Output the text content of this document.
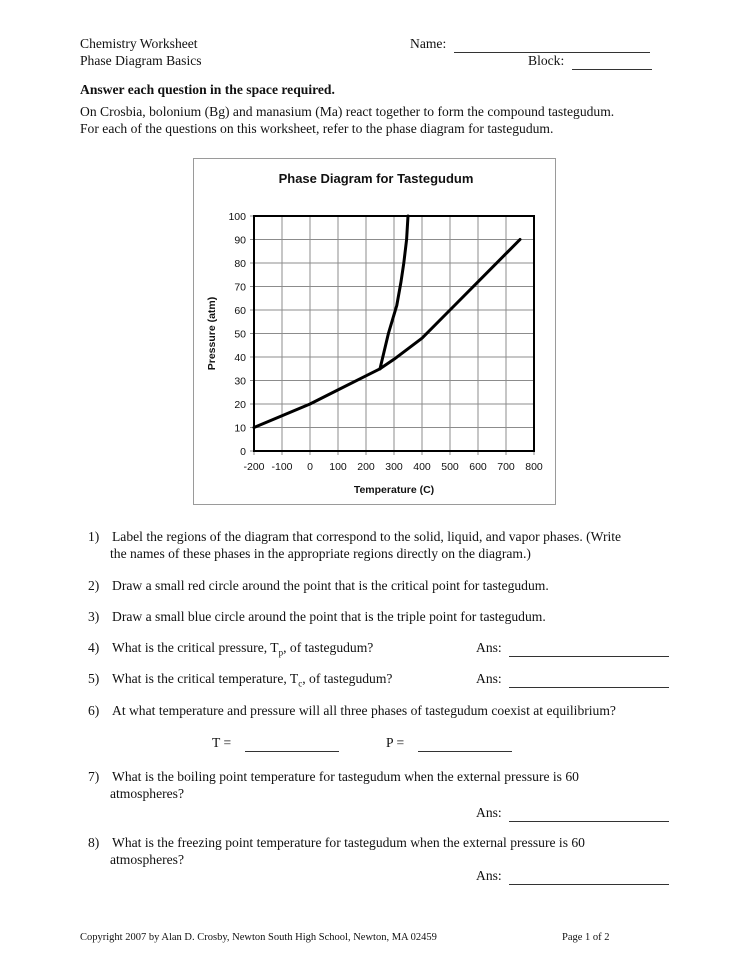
Chemistry Worksheet
Phase Diagram Basics
Name:
Block:
Answer each question in the space required.
On Crosbia, bolonium (Bg) and manasium (Ma) react together to form the compound tastegudum.
For each of the questions on this worksheet, refer to the phase diagram for tastegudum.
Phase Diagram for Tastegudum
0
10
20
30
40
50
60
70
80
90
100
-200 -100 0 100 200 300 400 500 600 700 800
Pressure (atm)
Temperature (C)
1) Label the regions of the diagram that correspond to the solid, liquid, and vapor phases. (Write
the names of these phases in the appropriate regions directly on the diagram.)
2) Draw a small red circle around the point that is the critical point for tastegudum.
3) Draw a small blue circle around the point that is the triple point for tastegudum.
4) What is the critical pressure, $T_p$, of tastegudum?	Ans:
5) What is the critical temperature, $T_c$, of tastegudum?	Ans:
6) At what temperature and pressure will all three phases of tastegudum coexist at equilibrium?
T =	P =
7) What is the boiling point temperature for tastegudum when the external pressure is 60
atmospheres?
Ans:
8) What is the freezing point temperature for tastegudum when the external pressure is 60
atmospheres?
Ans:
Copyright 2007 by Alan D. Crosby, Newton South High School, Newton, MA 02459	Page 1 of 2
